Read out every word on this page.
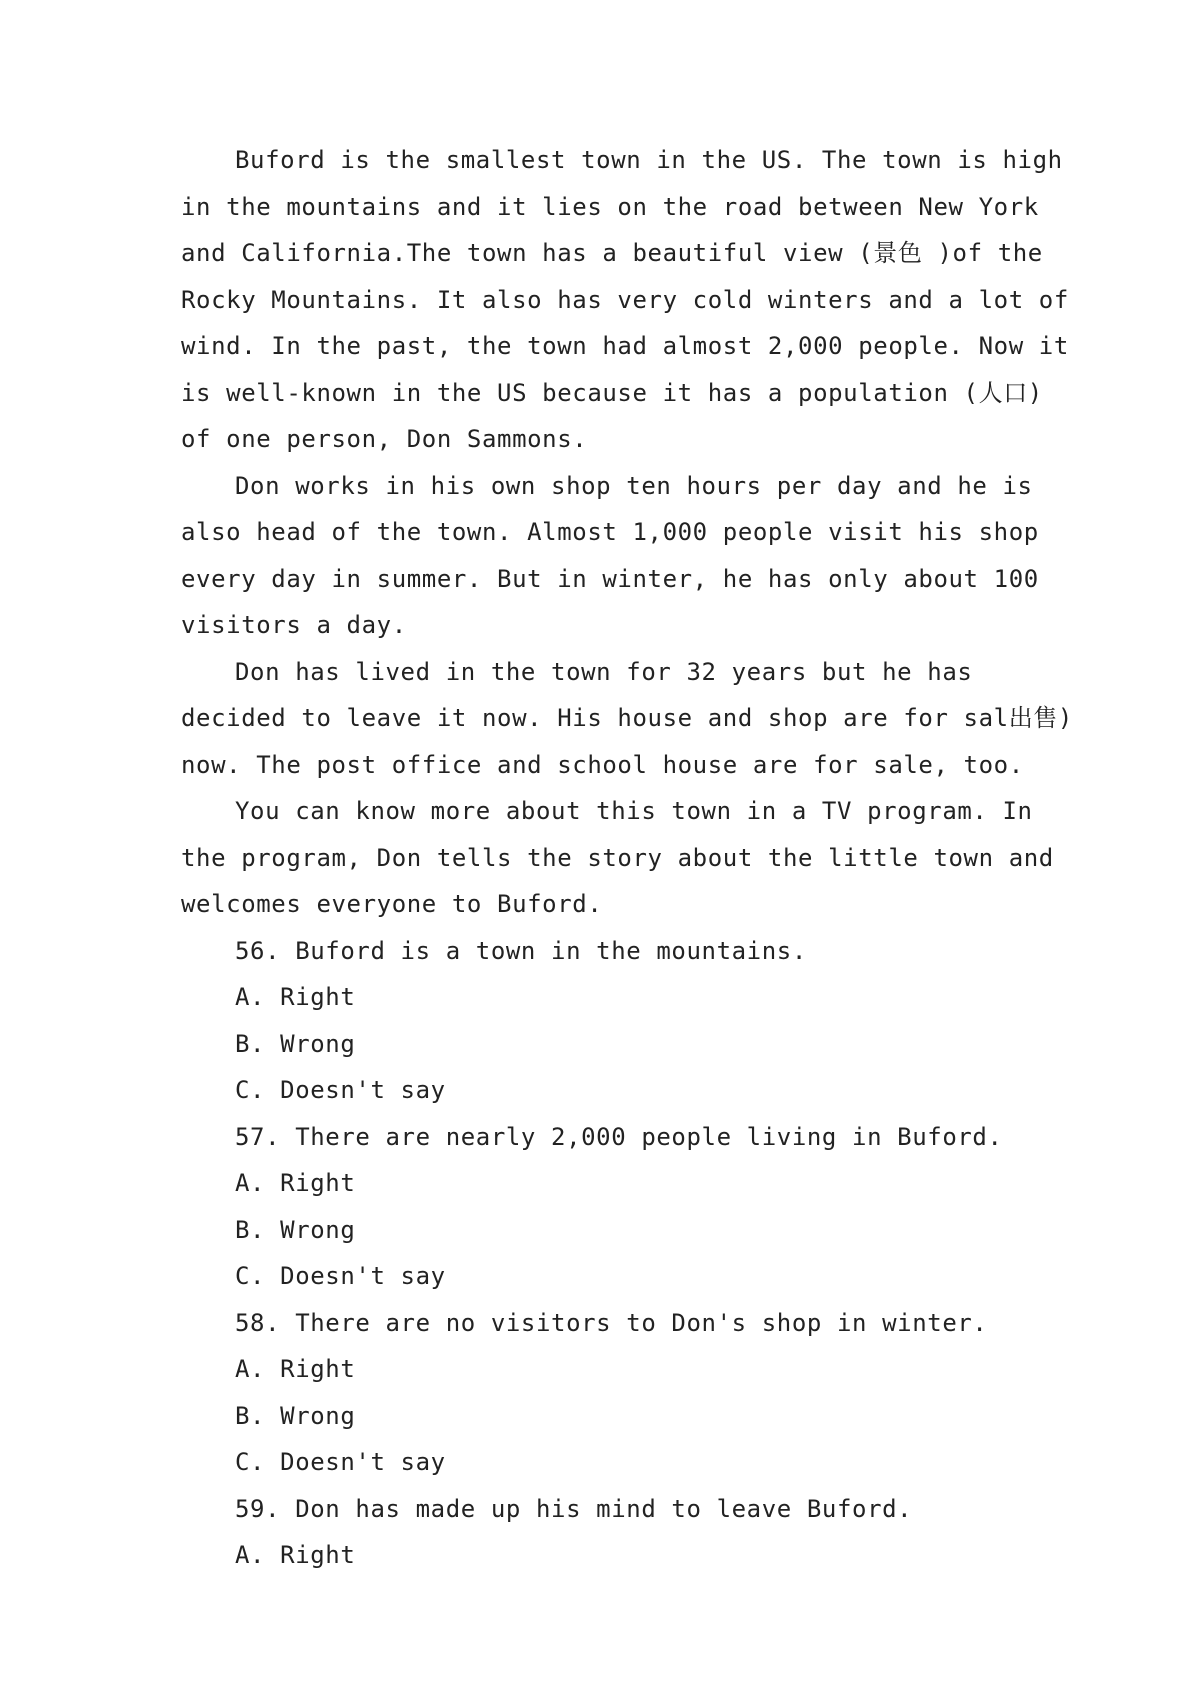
Buford is the smallest town in the US. The town is high in the mountains and it lies on the road between New York and California.The town has a beautiful view (景色 )of the Rocky Mountains. It also has very cold winters and a lot of wind. In the past, the town had almost 2,000 people. Now it is well-known in the US because it has a population (人口) of one person, Don Sammons.

Don works in his own shop ten hours per day and he is also head of the town. Almost 1,000 people visit his shop every day in summer. But in winter, he has only about 100 visitors a day.

Don has lived in the town for 32 years but he has decided to leave it now. His house and shop are for sal出售) now. The post office and school house are for sale, too.

You can know more about this town in a TV program. In the program, Don tells the story about the little town and welcomes everyone to Buford.

56. Buford is a town in the mountains.

A. Right

B. Wrong

C. Doesn't say

57. There are nearly 2,000 people living in Buford.

A. Right

B. Wrong

C. Doesn't say

58. There are no visitors to Don's shop in winter.

A. Right

B. Wrong

C. Doesn't say

59. Don has made up his mind to leave Buford.

A. Right
